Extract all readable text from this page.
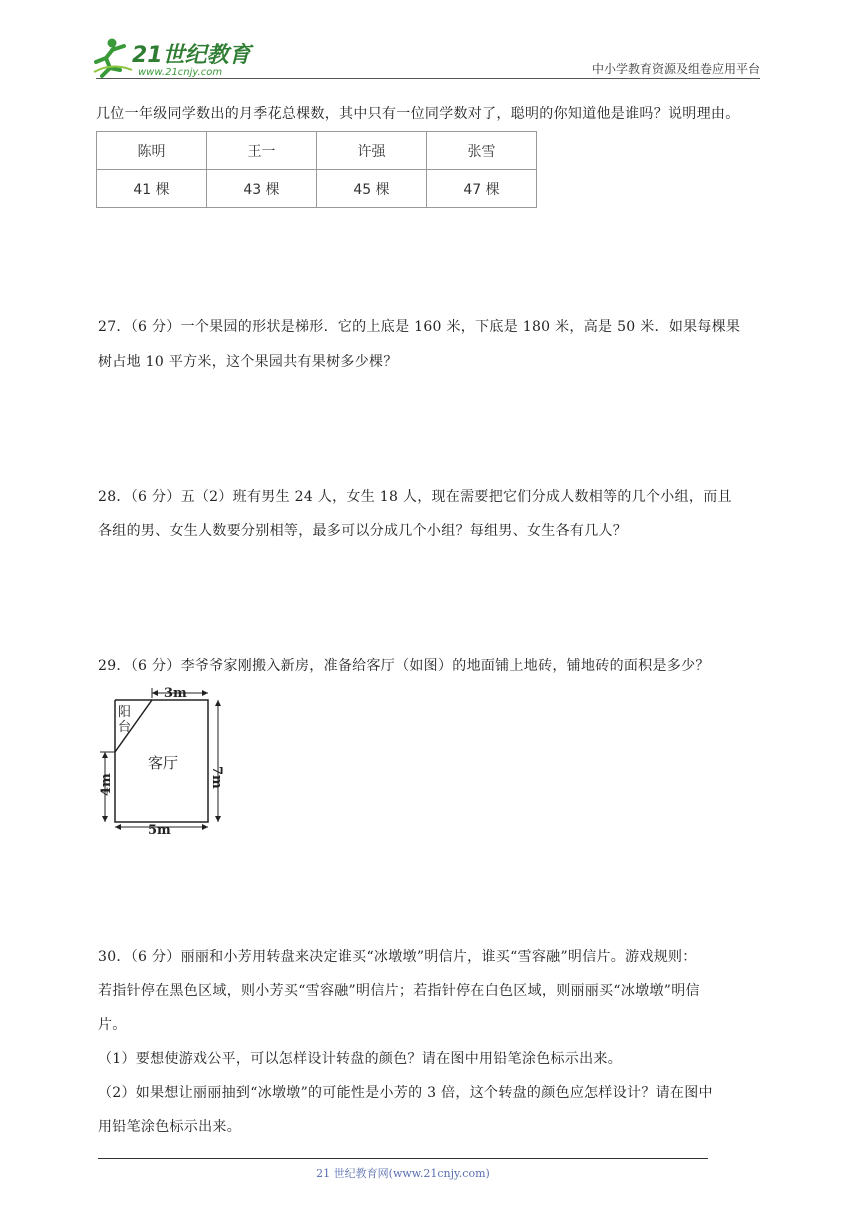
21世纪教育
www.21cnjy.com	中小学教育资源及组卷应用平台
几位一年级同学数出的月季花总棵数，其中只有一位同学数对了，聪明的你知道他是谁吗？说明理由。
陈明	王一	许强	张雪
41 棵	43 棵	45 棵	47 棵
27．（6 分）一个果园的形状是梯形．它的上底是 160 米，下底是 180 米，高是 50 米．如果每棵果
树占地 10 平方米，这个果园共有果树多少棵？
28．（6 分）五（2）班有男生 24 人，女生 18 人，现在需要把它们分成人数相等的几个小组，而且
各组的男、女生人数要分别相等，最多可以分成几个小组？每组男、女生各有几人？
29．（6 分）李爷爷家刚搬入新房，准备给客厅（如图）的地面铺上地砖，铺地砖的面积是多少？
3m
7m
4m
5m
阳 台
客厅
30．（6 分）丽丽和小芳用转盘来决定谁买“冰墩墩”明信片，谁买“雪容融”明信片。游戏规则：
若指针停在黑色区域，则小芳买“雪容融”明信片；若指针停在白色区域，则丽丽买“冰墩墩”明信
片。
（1）要想使游戏公平，可以怎样设计转盘的颜色？请在图中用铅笔涂色标示出来。
（2）如果想让丽丽抽到“冰墩墩”的可能性是小芳的 3 倍，这个转盘的颜色应怎样设计？请在图中
用铅笔涂色标示出来。
21 世纪教育网(www.21cnjy.com)
